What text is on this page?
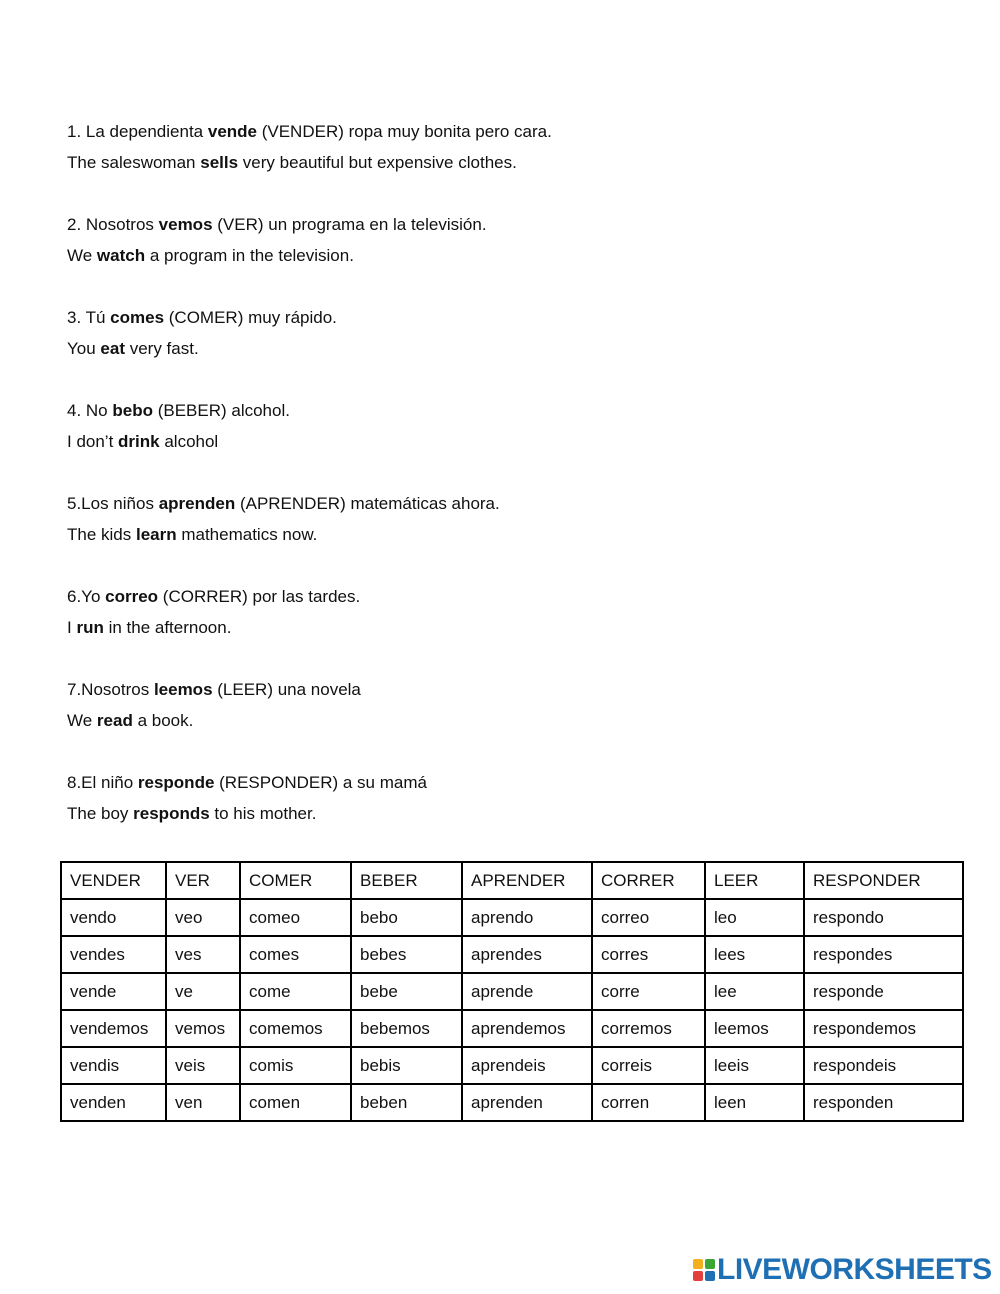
1. La dependienta vende (VENDER) ropa muy bonita pero cara.
The saleswoman sells very beautiful but expensive clothes.
2. Nosotros vemos (VER) un programa en la televisión.
We watch a program in the television.
3. Tú comes (COMER) muy rápido.
You eat very fast.
4. No bebo (BEBER) alcohol.
I don’t drink alcohol
5.Los niños aprenden (APRENDER) matemáticas ahora.
The kids learn mathematics now.
6.Yo correo (CORRER) por las tardes.
I run in the afternoon.
7.Nosotros leemos (LEER) una novela
We read a book.
8.El niño responde (RESPONDER) a su mamá
The boy responds to his mother.
VENDER	VER	COMER	BEBER	APRENDER	CORRER	LEER	RESPONDER
vendo	veo	comeo	bebo	aprendo	correo	leo	respondo
vendes	ves	comes	bebes	aprendes	corres	lees	respondes
vende	ve	come	bebe	aprende	corre	lee	responde
vendemos	vemos	comemos	bebemos	aprendemos	corremos	leemos	respondemos
vendis	veis	comis	bebis	aprendeis	correis	leeis	respondeis
venden	ven	comen	beben	aprenden	corren	leen	responden
LIVEWORKSHEETS
